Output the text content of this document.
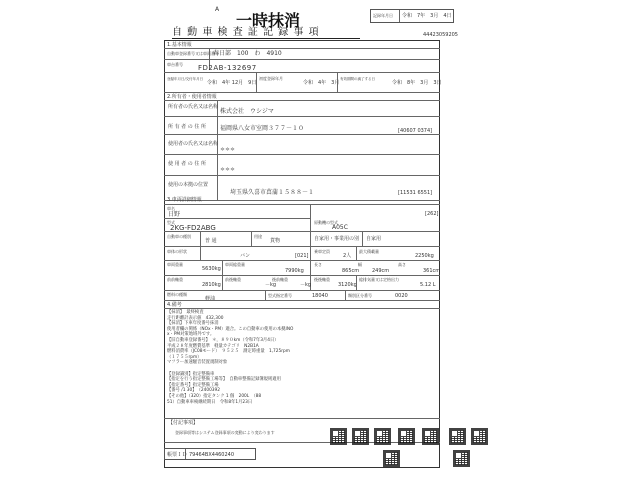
A
一時抹消
自 動 車 検 査 証 記 録 事 項
記録年月日 令和　7年　3月　4日
44423059205
1.基本情報
自動車登録番号又は車両番号
春日部　100　わ　4910
車台番号 FD2AB-132697
登録年月日/交付年月日
令和　4年 12月　9日
初度登録年月
令和　4年　3月
有効期間の満了する日
令和　8年　3月　3日
2.所有者・使用者情報
所有者の氏名又は名称
株式会社　ウシジマ
所 有 者 の 住 所 福岡県八女市室岡３７７－１０	[40607 0374]
使用者の氏名又は名称
＊＊＊
使 用 者 の 住 所
＊＊＊
使用の本拠の位置
埼玉県久喜市菖蒲１５８８－１	[11531 6551]
3.車両詳細情報
車名
日野	[262]
型式
2KG-FD2ABG
原動機の型式
A05C
自動車の種別
普 通
用途
貨物	自家用・事業用の別 自家用
車体の形状
バン	[021]
乗車定員
2人
最大積載量
2250kg
車両重量
5630kg
車両総重量
7990kg
長さ
865cm
幅
249cm
高さ
361cm
前前軸重
2810kg
前後軸重
－kg
後前軸重
－kg
後後軸重
3120kg
総排気量又は定格出力
5.12 L
燃料の種類
軽油
型式指定番号	18040	類別区分番号	0020
4.備考
【抹消】　最終検査
走行距離計表示値　432,300
【抹消】下車年度番号抹消
使用者欄の関係（NOx・PM）適合。この自動車の使用の本拠INO
x・PM対策地域外です。
【旧自動車登録番号】　＊，８９０km（令和7年3月4日）
平成２８年度燃費基準　軽量カテゴリ　N2B1A
燃料消費率（JC08モード）　９５２５　測定時重量　1,725rpm
（１７５５rpm）
マフラー加速騒音装置規制対象
【登録識別】指定整備車
【指定を行う指定整備工場等】　自動車整備記録簿規則適用
【指定番号】指定整備工場
【番号 /1 30】　（2400392
【その他】（320）指定タンク 1 個　200L　（88
51）自動車車検継続期日　令和8年1月23日
【付記事項】
登録事項等はシステム登録事項の変動により変わります
帳票ＩＤ 79464BX4460240
